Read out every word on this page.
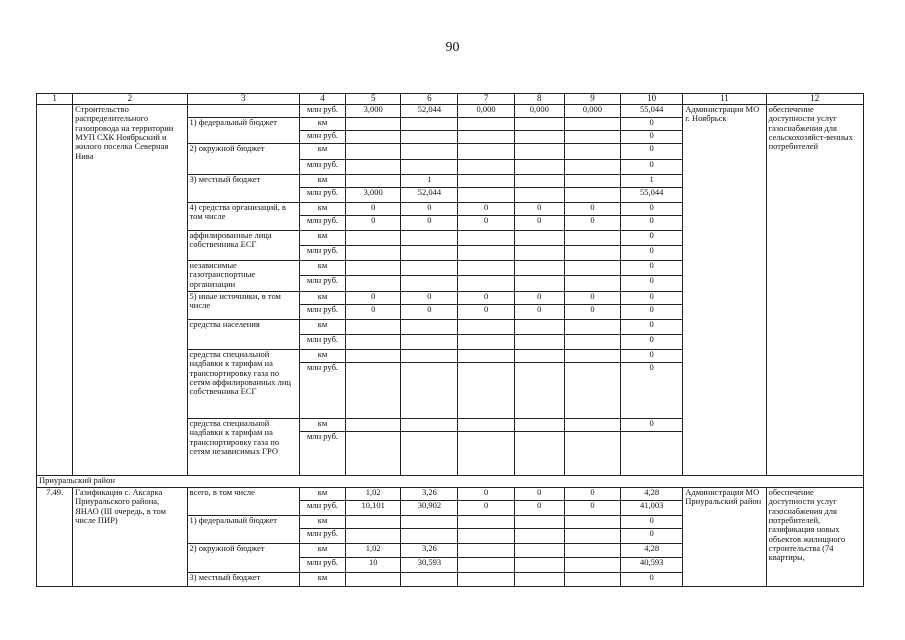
90
1	2	3	4	5	6	7	8	9	10	11	12
	Строительство распределительного газопровода на территории МУП СХК Ноябрьский и жилого поселка Северная Нива		млн руб.	3,000	52,044	0,000	0,000	0,000	55,044	Администрация МО г. Ноябрьск	обеспечение доступности услуг газоснабжения для сельскохозяйст-венных потребителей
		1) федеральный бюджет	км						0		
			млн руб.						0		
		2) окружной бюджет	км						0		
			млн руб.						0		
		3) местный бюджет	км		1				1		
			млн руб.	3,000	52,044				55,044		
		4) средства организаций, в том числе	км	0	0	0	0	0	0		
			млн руб.	0	0	0	0	0	0		
		аффилированные лица собственника ЕСГ	км						0		
			млн руб.						0		
		независимые газотранспортные организации	км						0		
			млн руб.						0		
		5) иные источники, в том числе	км	0	0	0	0	0	0		
			млн руб.	0	0	0	0	0	0		
		средства населения	км						0		
			млн руб.						0		
		средства специальной надбавки к тарифам на транспортировку газа по сетям аффилированных лиц собственника ЕСГ	км						0		
			млн руб.						0		
		средства специальной надбавки к тарифам на транспортировку газа по сетям независимых ГРО	км						0		
			млн руб.								
Приуральский район											
7.49.	Газификация с. Аксарка Приуральского района, ЯНАО (III очередь, в том числе ПИР)	всего, в том числе	км	1,02	3,26	0	0	0	4,28	Администрация МО Приуральский район	обеспечение доступности услуг газоснабжения для потребителей, газификация новых объектов жилищного строительства (74 квартиры,
			млн руб.	10,101	30,902	0	0	0	41,003		
		1) федеральный бюджет	км						0		
			млн руб.						0		
		2) окружной бюджет	км	1,02	3,26				4,28		
			млн руб.	10	30,593				40,593		
		3) местный бюджет	км						0		
